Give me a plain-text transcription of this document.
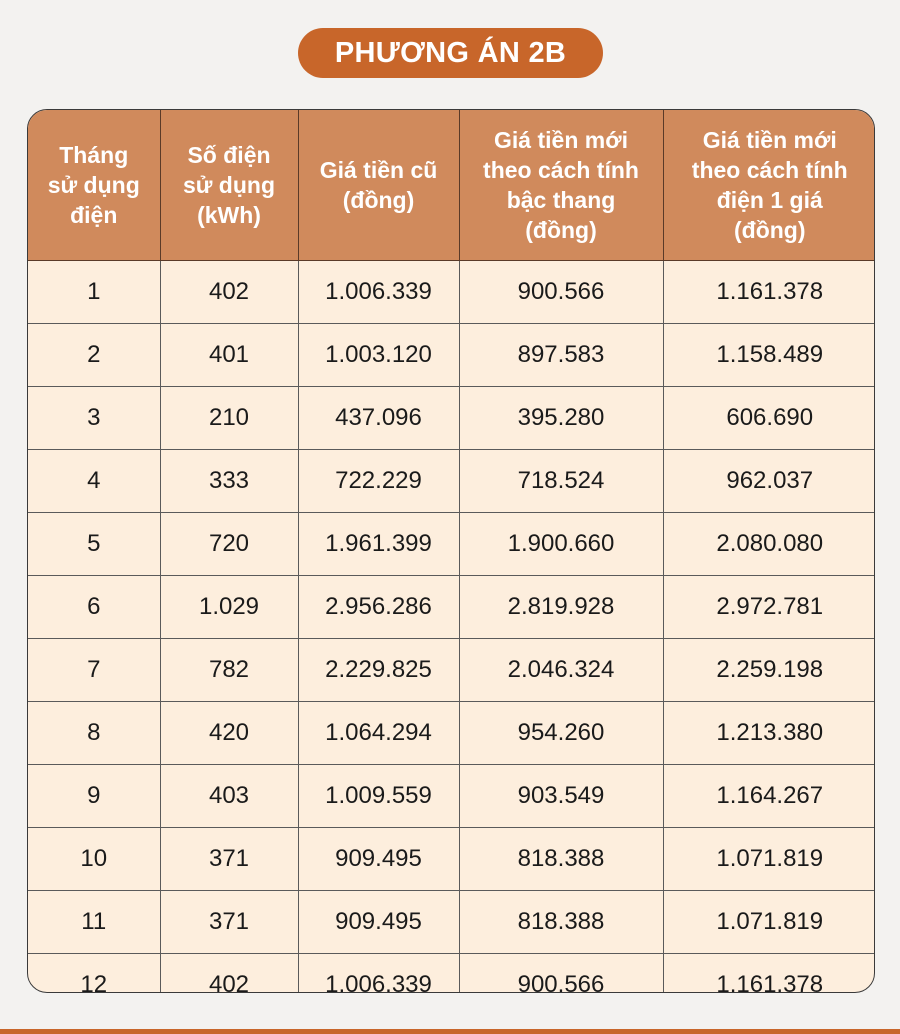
PHƯƠNG ÁN 2B
Tháng
sử dụng
điện	Số điện
sử dụng
(kWh)	Giá tiền cũ
(đồng)	Giá tiền mới
theo cách tính
bậc thang
(đồng)	Giá tiền mới
theo cách tính
điện 1 giá
(đồng)

1	402	1.006.339	900.566	1.161.378
2	401	1.003.120	897.583	1.158.489
3	210	437.096	395.280	606.690
4	333	722.229	718.524	962.037
5	720	1.961.399	1.900.660	2.080.080
6	1.029	2.956.286	2.819.928	2.972.781
7	782	2.229.825	2.046.324	2.259.198
8	420	1.064.294	954.260	1.213.380
9	403	1.009.559	903.549	1.164.267
10	371	909.495	818.388	1.071.819
11	371	909.495	818.388	1.071.819
12	402	1.006.339	900.566	1.161.378
